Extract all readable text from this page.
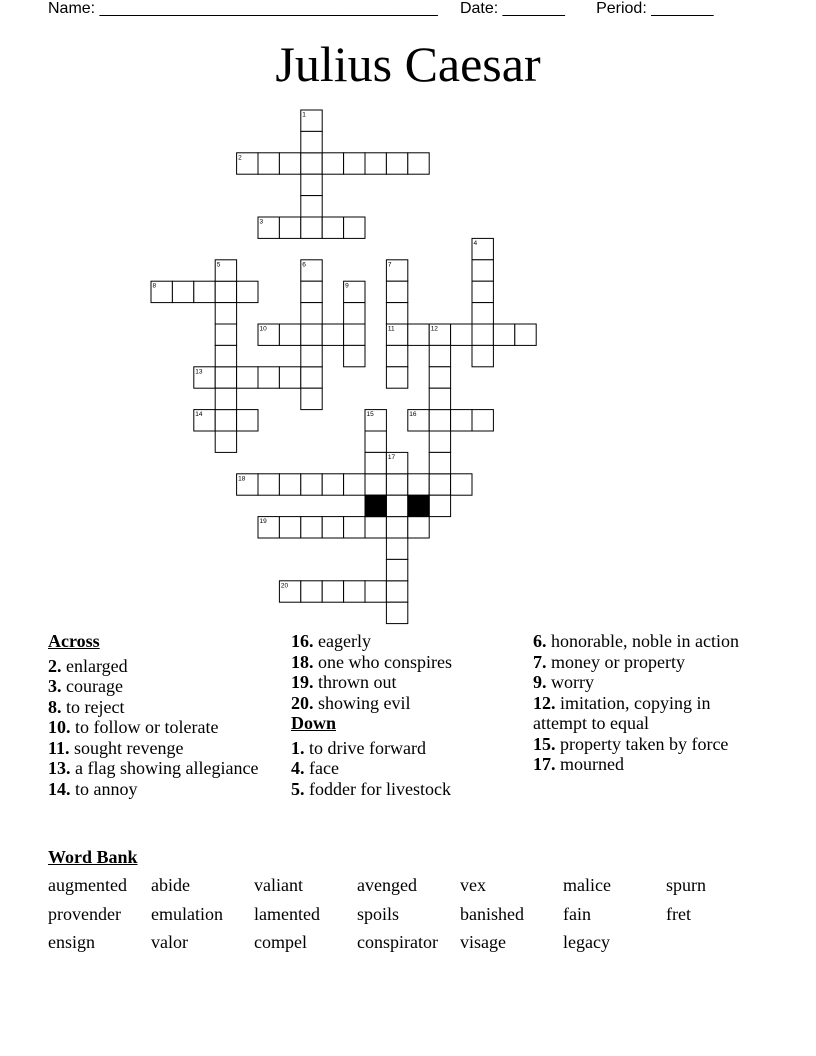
Name: ______________________________________ Date: _______ Period: _______
Julius Caesar
2
3
8
10	11
13
14	16
18
19
20
1
4
5	6	7
9
12
15
17
Across
2. enlarged
3. courage
8. to reject
10. to follow or tolerate
11. sought revenge
13. a flag showing allegiance
14. to annoy
16. eagerly
18. one who conspires
19. thrown out
20. showing evil
Down
1. to drive forward
4. face
5. fodder for livestock
6. honorable, noble in action
7. money or property
9. worry
12. imitation, copying in attempt to equal
15. property taken by force
17. mourned
Word Bank
augmented	abide	valiant	avenged	vex	malice	spurn
provender	emulation	lamented	spoils	banished	fain	fret
ensign	valor	compel	conspirator	visage	legacy
